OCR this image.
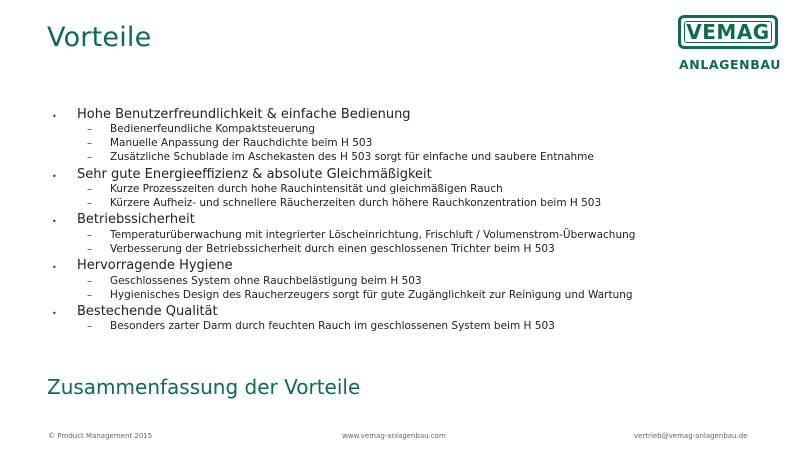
Vorteile	VEMAG
ANLAGENBAU
• Hohe Benutzerfreundlichkeit & einfache Bedienung
– Bedienerfeundliche Kompaktsteuerung
– Manuelle Anpassung der Rauchdichte beim H 503
– Zusätzliche Schublade im Aschekasten des H 503 sorgt für einfache und saubere Entnahme
• Sehr gute Energieeffizienz & absolute Gleichmäßigkeit
– Kurze Prozesszeiten durch hohe Rauchintensität und gleichmäßigen Rauch
– Kürzere Aufheiz- und schnellere Räucherzeiten durch höhere Rauchkonzentration beim H 503
• Betriebssicherheit
– Temperaturüberwachung mit integrierter Löscheinrichtung, Frischluft / Volumenstrom-Überwachung
– Verbesserung der Betriebssicherheit durch einen geschlossenen Trichter beim H 503
• Hervorragende Hygiene
– Geschlossenes System ohne Rauchbelästigung beim H 503
– Hygienisches Design des Raucherzeugers sorgt für gute Zugänglichkeit zur Reinigung und Wartung
• Bestechende Qualität
– Besonders zarter Darm durch feuchten Rauch im geschlossenen System beim H 503
Zusammenfassung der Vorteile
© Product Management 2015	www.vemag-anlagenbau.com	vertrieb@vemag-anlagenbau.de
